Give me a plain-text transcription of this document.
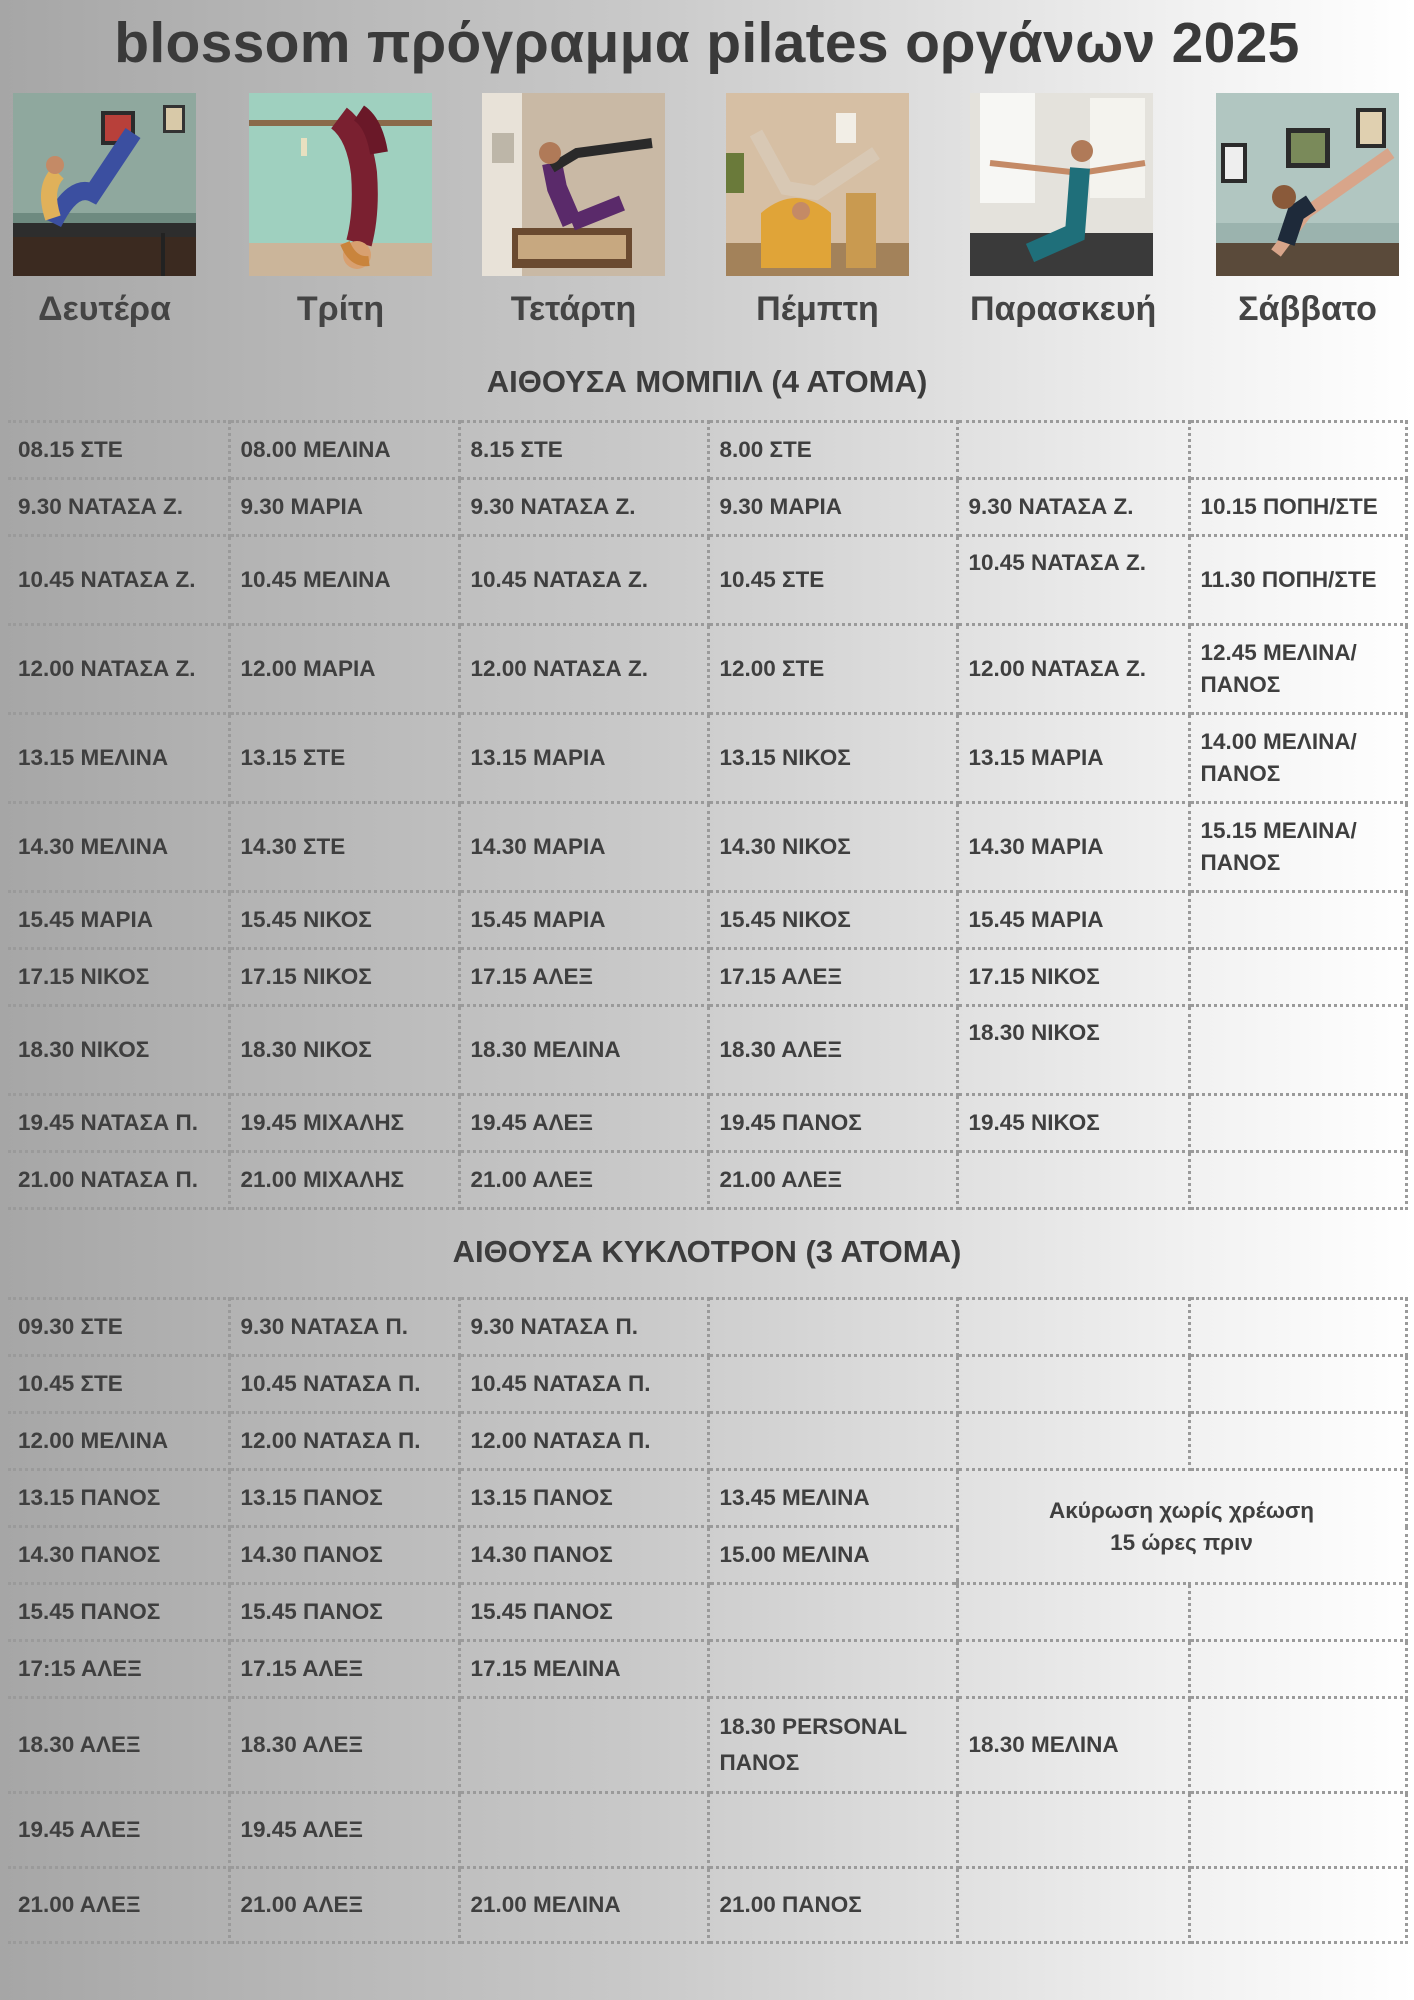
blossom πρόγραμμα pilates οργάνων 2025
Δευτέρα	Τρίτη	Τετάρτη	Πέμπτη	Παρασκευή	Σάββατο
ΑΙΘΟΥΣΑ ΜΟΜΠΙΛ (4 ΑΤΟΜΑ)
08.15 ΣΤΕ	08.00 ΜΕΛΙΝΑ	8.15 ΣΤΕ	8.00 ΣΤΕ		
9.30 ΝΑΤΑΣΑ Ζ.	9.30 ΜΑΡΙΑ	9.30 ΝΑΤΑΣΑ Ζ.	9.30 ΜΑΡΙΑ	9.30 ΝΑΤΑΣΑ Ζ.	10.15 ΠΟΠΗ/ΣΤΕ
10.45 ΝΑΤΑΣΑ Ζ.	10.45 ΜΕΛΙΝΑ	10.45 ΝΑΤΑΣΑ Ζ.	10.45 ΣΤΕ	10.45 ΝΑΤΑΣΑ Ζ.	11.30 ΠΟΠΗ/ΣΤΕ
12.00 ΝΑΤΑΣΑ Ζ.	12.00 ΜΑΡΙΑ	12.00 ΝΑΤΑΣΑ Ζ.	12.00 ΣΤΕ	12.00 ΝΑΤΑΣΑ Ζ.	12.45 ΜΕΛΙΝΑ/ ΠΑΝΟΣ
13.15 ΜΕΛΙΝΑ	13.15 ΣΤΕ	13.15 ΜΑΡΙΑ	13.15 ΝΙΚΟΣ	13.15 ΜΑΡΙΑ	14.00 ΜΕΛΙΝΑ/ ΠΑΝΟΣ
14.30 ΜΕΛΙΝΑ	14.30 ΣΤΕ	14.30 ΜΑΡΙΑ	14.30 ΝΙΚΟΣ	14.30 ΜΑΡΙΑ	15.15 ΜΕΛΙΝΑ/ ΠΑΝΟΣ
15.45 ΜΑΡΙΑ	15.45 ΝΙΚΟΣ	15.45 ΜΑΡΙΑ	15.45 ΝΙΚΟΣ	15.45 ΜΑΡΙΑ	
17.15 ΝΙΚΟΣ	17.15 ΝΙΚΟΣ	17.15 ΑΛΕΞ	17.15 ΑΛΕΞ	17.15 ΝΙΚΟΣ	
18.30 ΝΙΚΟΣ	18.30 ΝΙΚΟΣ	18.30 ΜΕΛΙΝΑ	18.30 ΑΛΕΞ	18.30 ΝΙΚΟΣ	
19.45 ΝΑΤΑΣΑ Π.	19.45 ΜΙΧΑΛΗΣ	19.45 ΑΛΕΞ	19.45 ΠΑΝΟΣ	19.45 ΝΙΚΟΣ	
21.00 ΝΑΤΑΣΑ Π.	21.00 ΜΙΧΑΛΗΣ	21.00 ΑΛΕΞ	21.00 ΑΛΕΞ		
ΑΙΘΟΥΣΑ ΚΥΚΛΟΤΡΟΝ (3 ΑΤΟΜΑ)
09.30 ΣΤΕ	9.30 ΝΑΤΑΣΑ Π.	9.30 ΝΑΤΑΣΑ Π.			
10.45 ΣΤΕ	10.45 ΝΑΤΑΣΑ Π.	10.45 ΝΑΤΑΣΑ Π.			
12.00 ΜΕΛΙΝΑ	12.00 ΝΑΤΑΣΑ Π.	12.00 ΝΑΤΑΣΑ Π.			
13.15 ΠΑΝΟΣ	13.15 ΠΑΝΟΣ	13.15 ΠΑΝΟΣ	13.45 ΜΕΛΙΝΑ	Ακύρωση χωρίς χρέωση
15 ώρες πριν	

14.30 ΠΑΝΟΣ	14.30 ΠΑΝΟΣ	14.30 ΠΑΝΟΣ	15.00 ΜΕΛΙΝΑ		
15.45 ΠΑΝΟΣ	15.45 ΠΑΝΟΣ	15.45 ΠΑΝΟΣ			
17:15 ΑΛΕΞ	17.15 ΑΛΕΞ	17.15 ΜΕΛΙΝΑ			
18.30 ΑΛΕΞ	18.30 ΑΛΕΞ		18.30 PERSONAL ΠΑΝΟΣ	18.30 ΜΕΛΙΝΑ	
19.45 ΑΛΕΞ	19.45 ΑΛΕΞ				
21.00 ΑΛΕΞ	21.00 ΑΛΕΞ	21.00 ΜΕΛΙΝΑ	21.00 ΠΑΝΟΣ		
